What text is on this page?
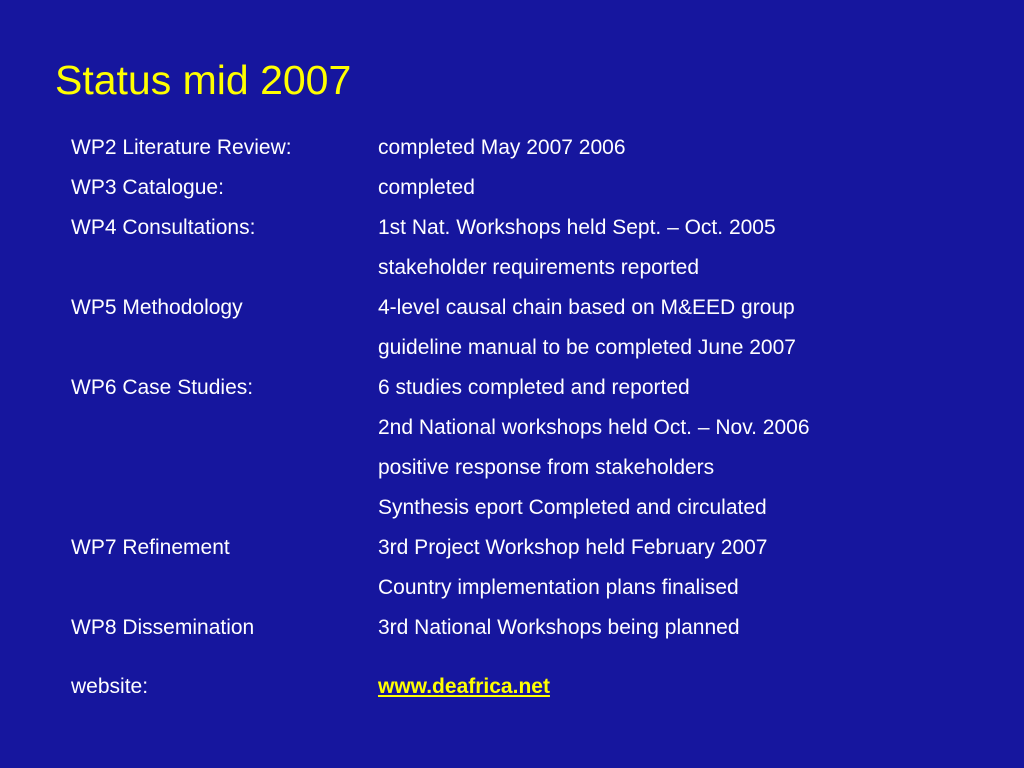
Status mid 2007
WP2 Literature Review:	completed May 2007 2006
WP3 Catalogue:	completed
WP4 Consultations:	1st Nat. Workshops held Sept. – Oct. 2005
stakeholder requirements reported
WP5 Methodology	4-level causal chain based on M&EED group
guideline manual to be completed June 2007
WP6 Case Studies:	6 studies completed and reported
2nd National workshops held Oct. – Nov. 2006
positive response from stakeholders
Synthesis eport Completed and circulated
WP7 Refinement	3rd Project Workshop held February 2007
Country implementation plans finalised
WP8 Dissemination	3rd National Workshops being planned
website:	www.deafrica.net
